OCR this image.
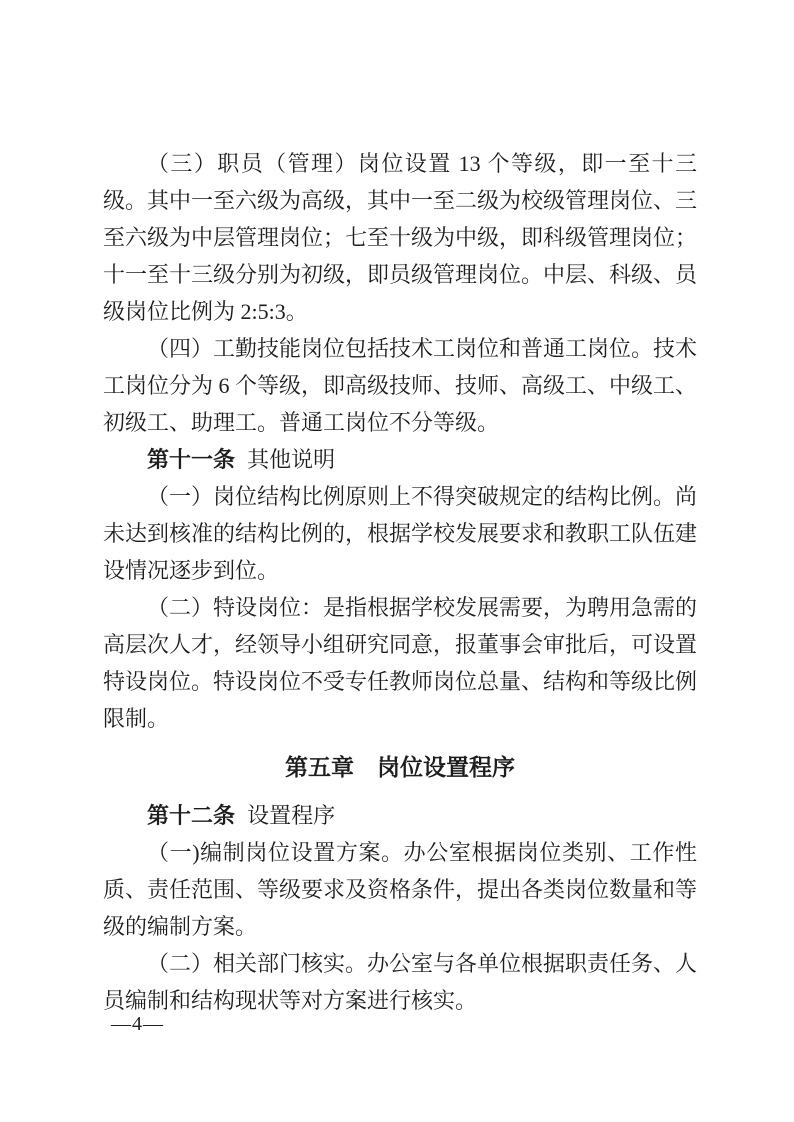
（三）职员（管理）岗位设置 13 个等级，即一至十三级。其中一至六级为高级，其中一至二级为校级管理岗位、三至六级为中层管理岗位；七至十级为中级，即科级管理岗位；十一至十三级分别为初级，即员级管理岗位。中层、科级、员级岗位比例为 2:5:3。

（四）工勤技能岗位包括技术工岗位和普通工岗位。技术工岗位分为 6 个等级，即高级技师、技师、高级工、中级工、初级工、助理工。普通工岗位不分等级。

第十一条 其他说明

（一）岗位结构比例原则上不得突破规定的结构比例。尚未达到核准的结构比例的，根据学校发展要求和教职工队伍建设情况逐步到位。

（二）特设岗位：是指根据学校发展需要，为聘用急需的高层次人才，经领导小组研究同意，报董事会审批后，可设置特设岗位。特设岗位不受专任教师岗位总量、结构和等级比例限制。

第五章　岗位设置程序

第十二条 设置程序

（一)编制岗位设置方案。办公室根据岗位类别、工作性质、责任范围、等级要求及资格条件，提出各类岗位数量和等级的编制方案。

（二）相关部门核实。办公室与各单位根据职责任务、人员编制和结构现状等对方案进行核实。

—4—
